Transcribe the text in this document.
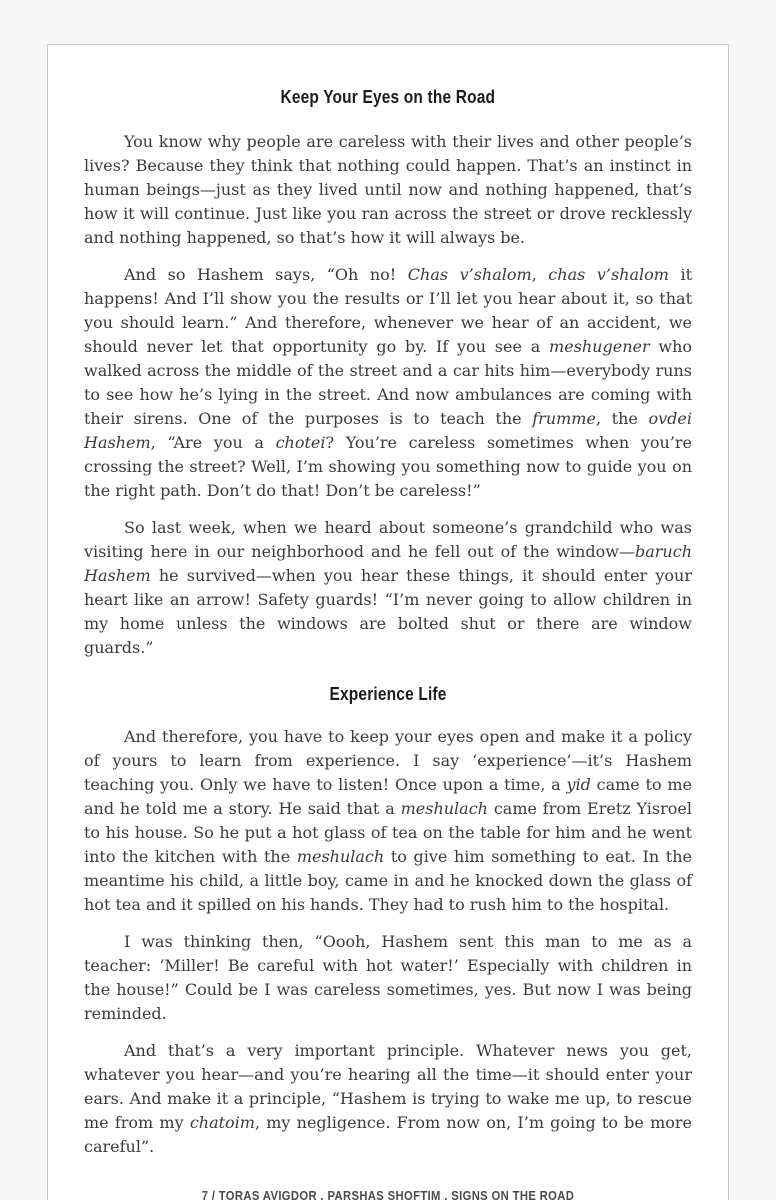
Keep Your Eyes on the Road

You know why people are careless with their lives and other people’s lives? Because they think that nothing could happen. That’s an instinct in human beings—just as they lived until now and nothing happened, that’s how it will continue. Just like you ran across the street or drove recklessly and nothing happened, so that’s how it will always be.

And so Hashem says, “Oh no! Chas v’shalom, chas v’shalom it happens! And I’ll show you the results or I’ll let you hear about it, so that you should learn.” And therefore, whenever we hear of an accident, we should never let that opportunity go by. If you see a meshugener who walked across the middle of the street and a car hits him—everybody runs to see how he’s lying in the street. And now ambulances are coming with their sirens. One of the purposes is to teach the frumme, the ovdei Hashem, “Are you a chotei? You’re careless sometimes when you’re crossing the street? Well, I’m showing you something now to guide you on the right path. Don’t do that! Don’t be careless!”

So last week, when we heard about someone’s grandchild who was visiting here in our neighborhood and he fell out of the window—baruch Hashem he survived—when you hear these things, it should enter your heart like an arrow! Safety guards! “I’m never going to allow children in my home unless the windows are bolted shut or there are window guards.”

Experience Life

And therefore, you have to keep your eyes open and make it a policy of yours to learn from experience. I say ‘experience’—it’s Hashem teaching you. Only we have to listen! Once upon a time, a yid came to me and he told me a story. He said that a meshulach came from Eretz Yisroel to his house. So he put a hot glass of tea on the table for him and he went into the kitchen with the meshulach to give him something to eat. In the meantime his child, a little boy, came in and he knocked down the glass of hot tea and it spilled on his hands. They had to rush him to the hospital.

I was thinking then, “Oooh, Hashem sent this man to me as a teacher: ‘Miller! Be careful with hot water!’ Especially with children in the house!” Could be I was careless sometimes, yes. But now I was being reminded.

And that’s a very important principle. Whatever news you get, whatever you hear—and you’re hearing all the time—it should enter your ears. And make it a principle, “Hashem is trying to wake me up, to rescue me from my chatoim, my negligence. From now on, I’m going to be more careful”.

7 / TORAS AVIGDOR . PARSHAS SHOFTIM . SIGNS ON THE ROAD
